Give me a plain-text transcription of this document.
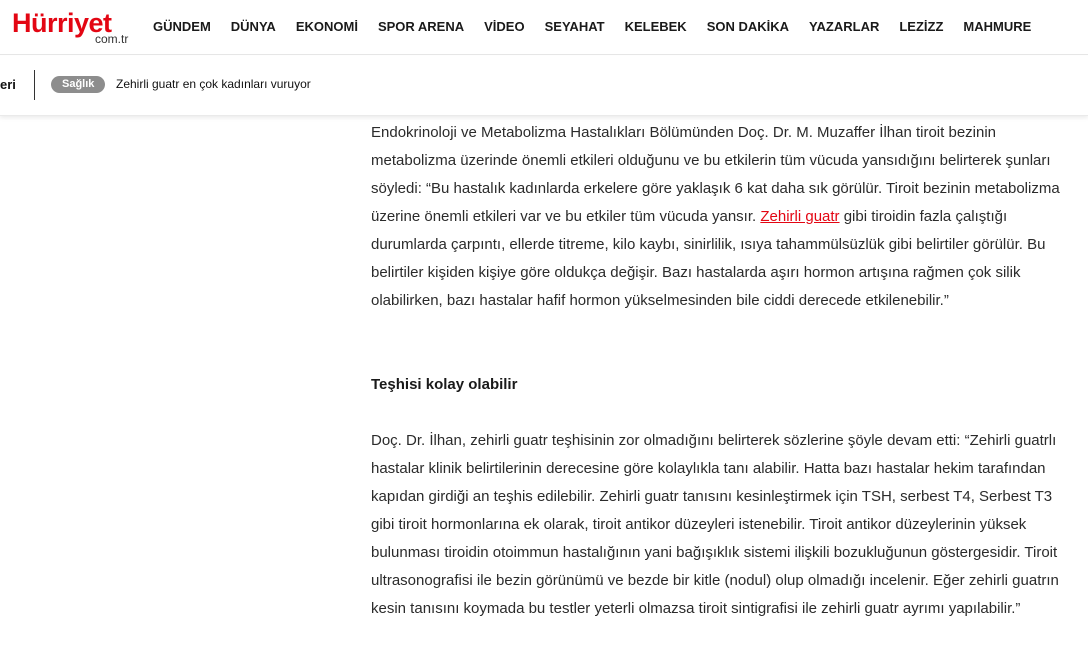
Hürriyet
com.tr
GÜNDEM DÜNYA EKONOMİ SPOR ARENA VİDEO SEYAHAT KELEBEK SON DAKİKA YAZARLAR LEZİZZ MAHMURE
eri	Sağlık	Zehirli guatr en çok kadınları vuruyor

Endokrinoloji ve Metabolizma Hastalıkları Bölümünden Doç. Dr. M. Muzaffer İlhan tiroit bezinin metabolizma üzerinde önemli etkileri olduğunu ve bu etkilerin tüm vücuda yansıdığını belirterek şunları söyledi: “Bu hastalık kadınlarda erkelere göre yaklaşık 6 kat daha sık görülür. Tiroit bezinin metabolizma üzerine önemli etkileri var ve bu etkiler tüm vücuda yansır. Zehirli guatr gibi tiroidin fazla çalıştığı durumlarda çarpıntı, ellerde titreme, kilo kaybı, sinirlilik, ısıya tahammülsüzlük gibi belirtiler görülür. Bu belirtiler kişiden kişiye göre oldukça değişir. Bazı hastalarda aşırı hormon artışına rağmen çok silik olabilirken, bazı hastalar hafif hormon yükselmesinden bile ciddi derecede etkilenebilir.”

Teşhisi kolay olabilir

Doç. Dr. İlhan, zehirli guatr teşhisinin zor olmadığını belirterek sözlerine şöyle devam etti: “Zehirli guatrlı hastalar klinik belirtilerinin derecesine göre kolaylıkla tanı alabilir. Hatta bazı hastalar hekim tarafından kapıdan girdiği an teşhis edilebilir. Zehirli guatr tanısını kesinleştirmek için TSH, serbest T4, Serbest T3 gibi tiroit hormonlarına ek olarak, tiroit antikor düzeyleri istenebilir. Tiroit antikor düzeylerinin yüksek bulunması tiroidin otoimmun hastalığının yani bağışıklık sistemi ilişkili bozukluğunun göstergesidir. Tiroit ultrasonografisi ile bezin görünümü ve bezde bir kitle (nodul) olup olmadığı incelenir. Eğer zehirli guatrın kesin tanısını koymada bu testler yeterli olmazsa tiroit sintigrafisi ile zehirli guatr ayrımı yapılabilir.”
